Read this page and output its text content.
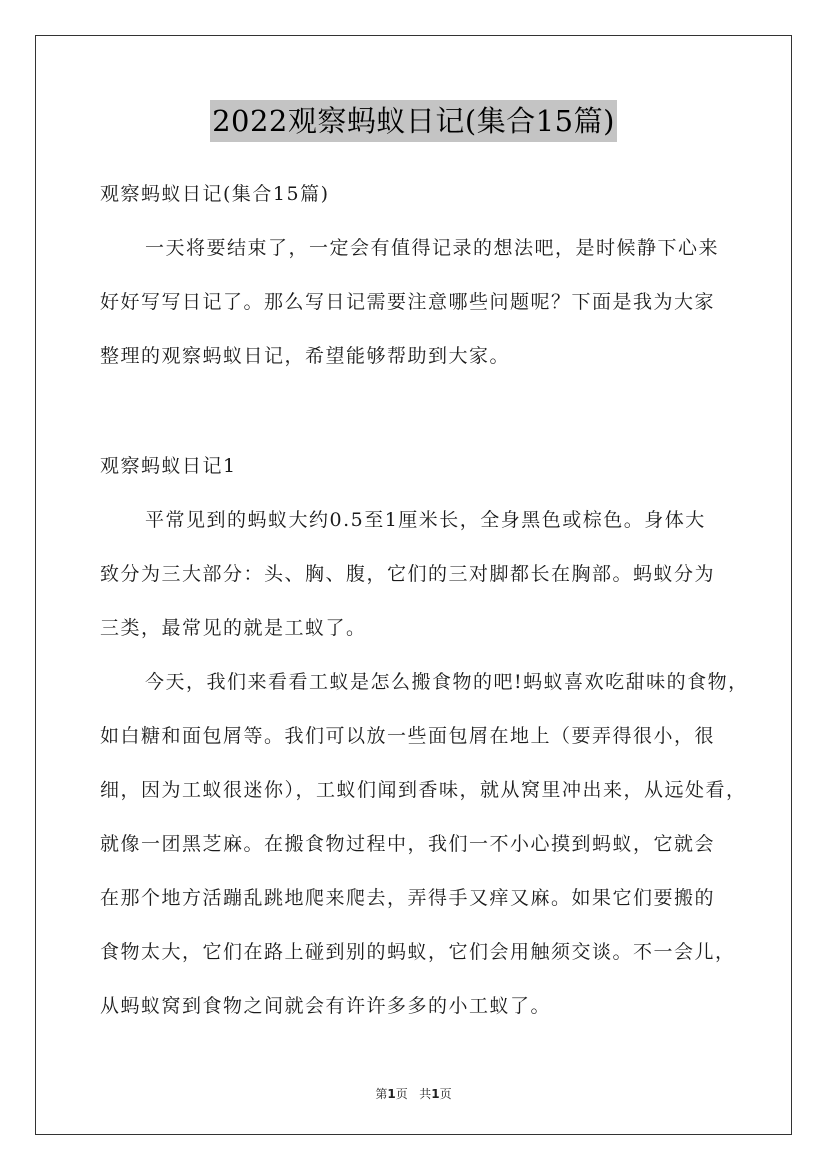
2022观察蚂蚁日记(集合15篇)
观察蚂蚁日记(集合15篇)
一天将要结束了，一定会有值得记录的想法吧，是时候静下心来
好好写写日记了。那么写日记需要注意哪些问题呢？下面是我为大家
整理的观察蚂蚁日记，希望能够帮助到大家。
观察蚂蚁日记1
平常见到的蚂蚁大约0.5至1厘米长，全身黑色或棕色。身体大
致分为三大部分：头、胸、腹，它们的三对脚都长在胸部。蚂蚁分为
三类，最常见的就是工蚁了。
今天，我们来看看工蚁是怎么搬食物的吧!蚂蚁喜欢吃甜味的食物，
如白糖和面包屑等。我们可以放一些面包屑在地上（要弄得很小，很
细，因为工蚁很迷你），工蚁们闻到香味，就从窝里冲出来，从远处看，
就像一团黑芝麻。在搬食物过程中，我们一不小心摸到蚂蚁，它就会
在那个地方活蹦乱跳地爬来爬去，弄得手又痒又麻。如果它们要搬的
食物太大，它们在路上碰到别的蚂蚁，它们会用触须交谈。不一会儿，
从蚂蚁窝到食物之间就会有许许多多的小工蚁了。
第1页 共1页
